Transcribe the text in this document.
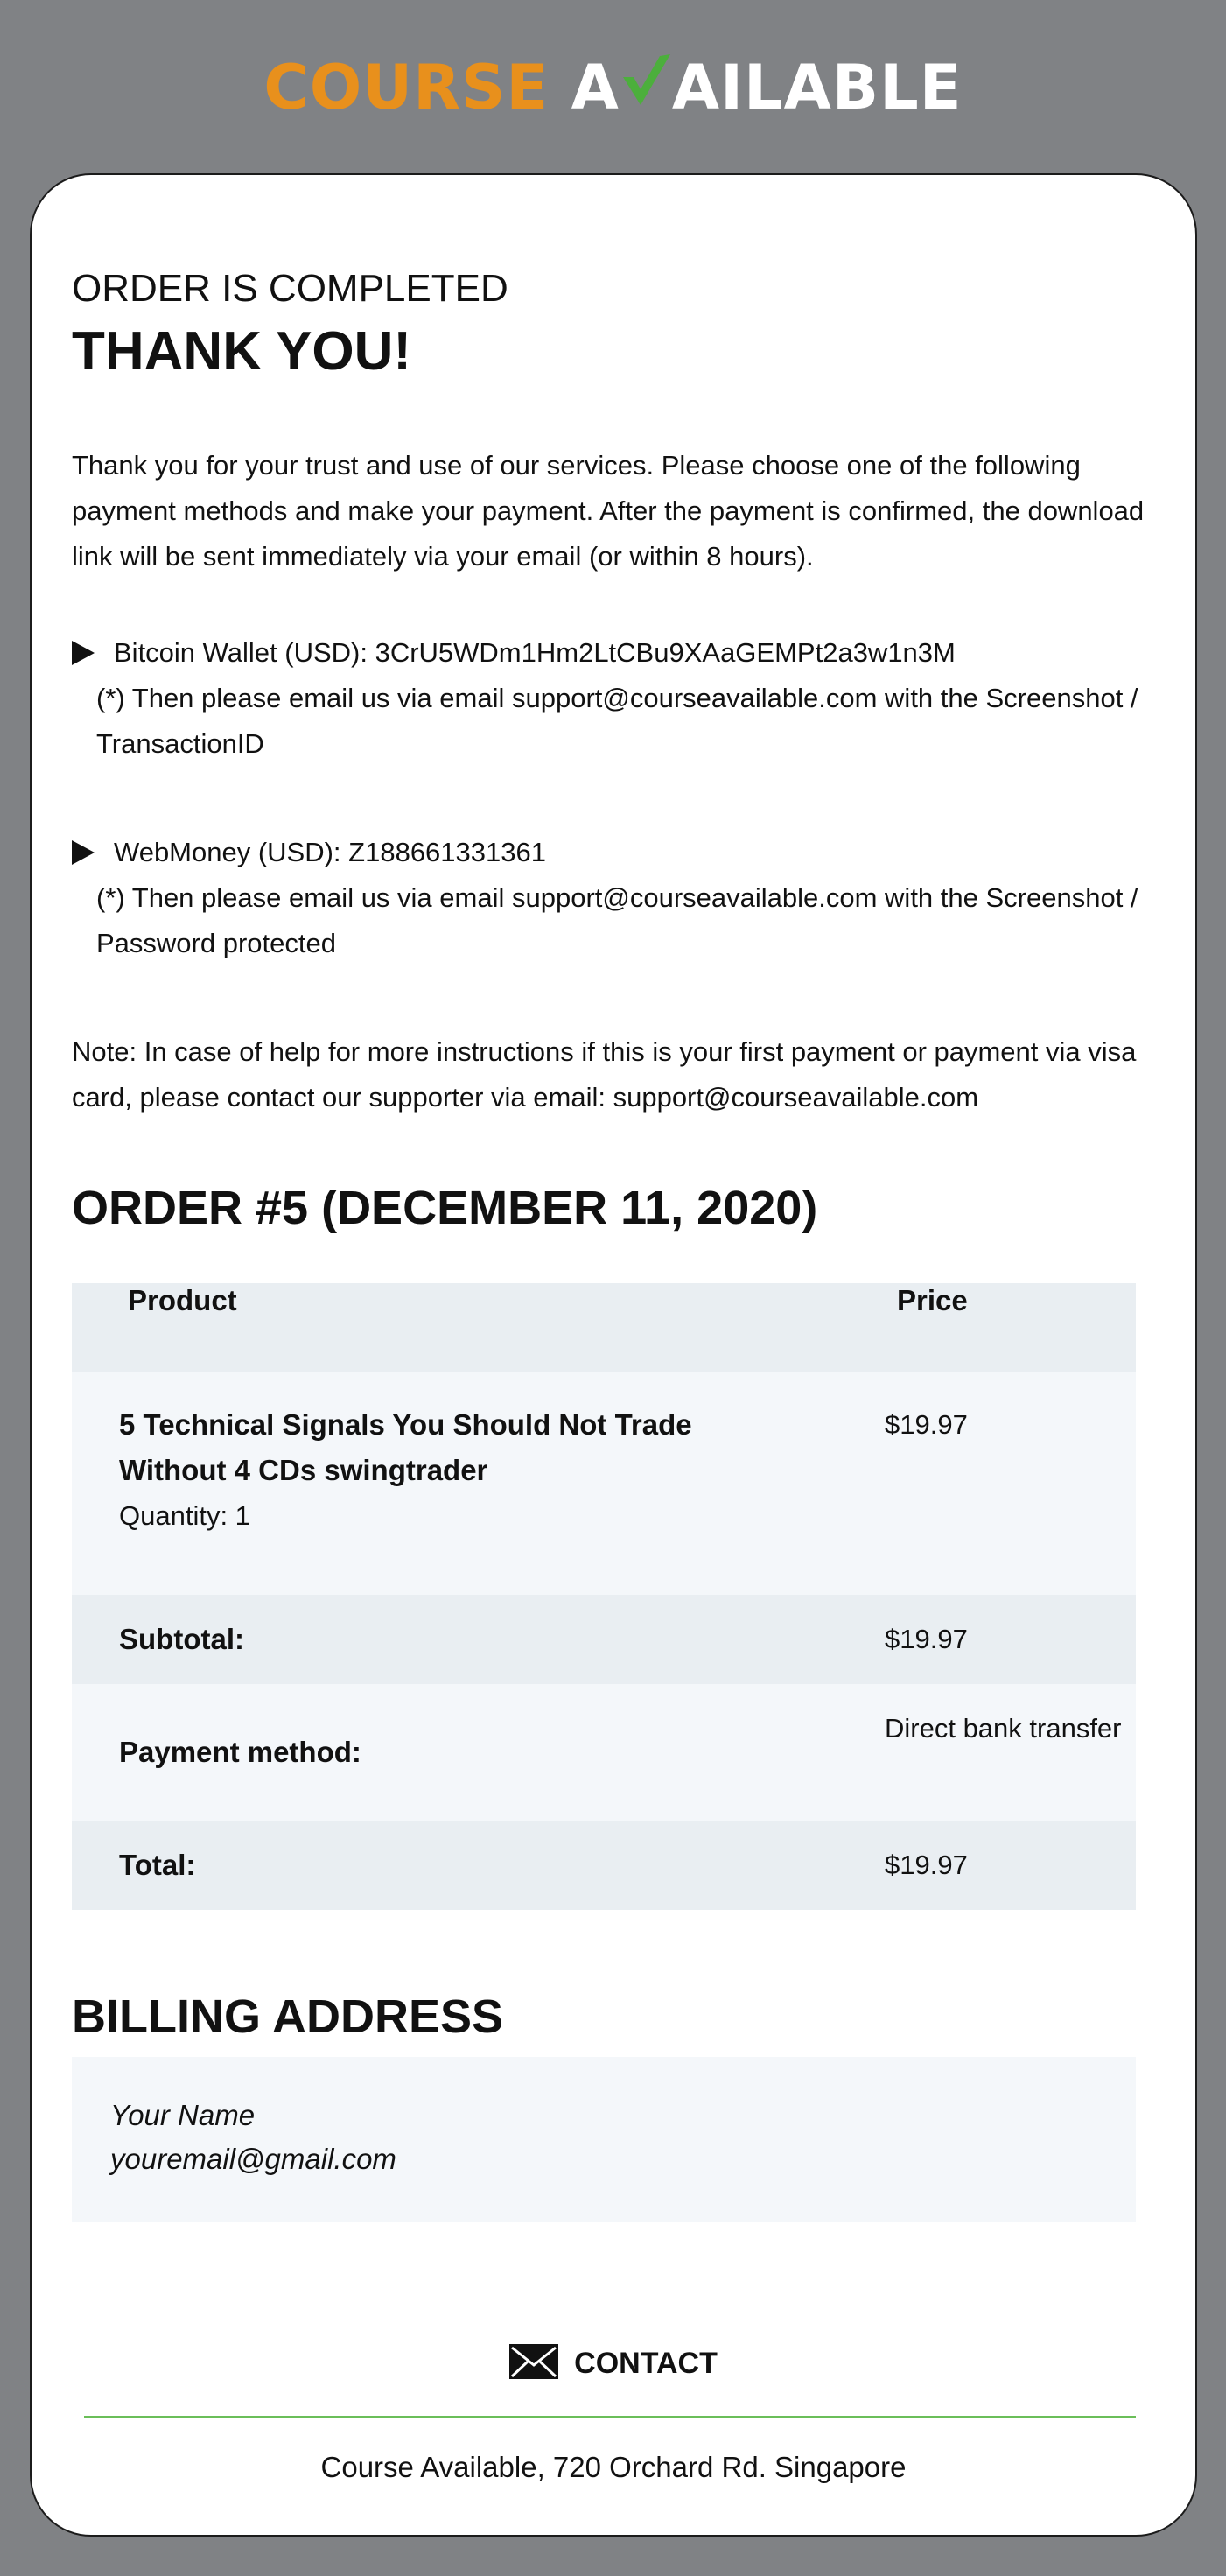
COURSE A AILABLE
ORDER IS COMPLETED
THANK YOU!
Thank you for your trust and use of our services. Please choose one of the following payment methods and make your payment. After the payment is confirmed, the download link will be sent immediately via your email (or within 8 hours).
Bitcoin Wallet (USD): 3CrU5WDm1Hm2LtCBu9XAaGEMPt2a3w1n3M
(*) Then please email us via email support@courseavailable.com with the Screenshot / TransactionID
WebMoney (USD): Z188661331361
(*) Then please email us via email support@courseavailable.com with the Screenshot / Password protected
Note: In case of help for more instructions if this is your first payment or payment via visa card, please contact our supporter via email: support@courseavailable.com
ORDER #5 (DECEMBER 11, 2020)
Product	Price

5 Technical Signals You Should Not Trade Without 4 CDs swingtrader
Quantity: 1	$19.97
Subtotal:	$19.97
Payment method:	Direct bank transfer
Total:	$19.97
BILLING ADDRESS
Your Name
youremail@gmail.com
CONTACT
Course Available, 720 Orchard Rd. Singapore
